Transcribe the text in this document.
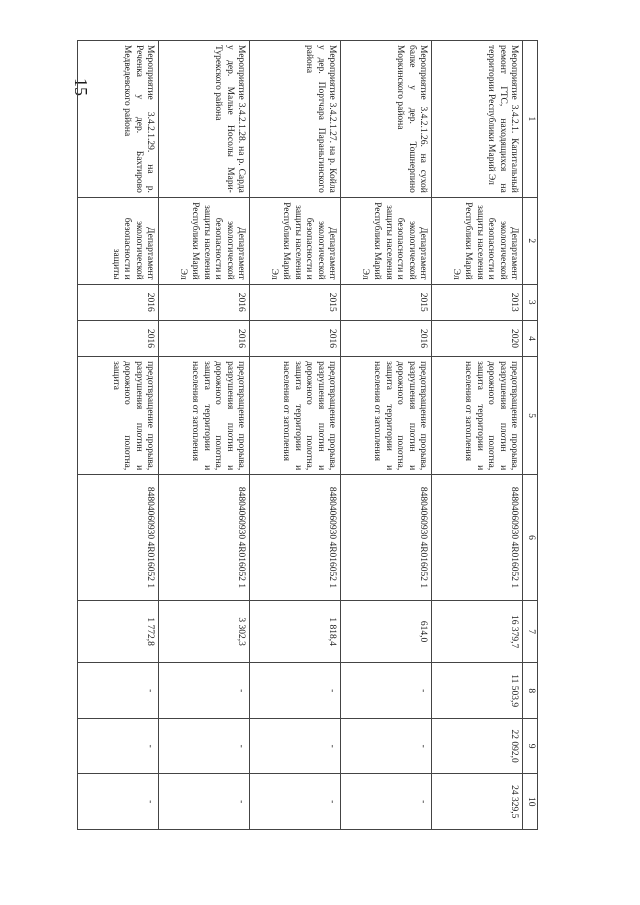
15
1	2	3	4	5	6	7	8	9	10
Мероприятие 3.4.2.1. Капитальный ремонт ГТС, находящихся на территории Республики Марий Эл	Департамент экологической безопасности и защиты населения Республики Марий Эл	2013	2020	предотвращение прорыва, разрушения плотин и дорожного полотна, защита территории и населения от затопления	84804060930 4R016052 1	16 379,7	11 503,9	22 092,0	24 329,5
Мероприятие 3.4.2.1.26. на сухой балке у дер. Тошнерпино Моркинского района	Департамент экологической безопасности и защиты населения Республики Марий Эл	2015	2016	предотвращение прорыва, разрушения плотин и дорожного полотна, защита территории и населения от затопления	84804060930 4R016052 1	614,0	-	-	-
Мероприятие 3.4.2.1.27. на р. Койла у дер. Портчара Параньгинского района	Департамент экологической безопасности и защиты населения Республики Марий Эл	2015	2016	предотвращение прорыва, разрушения плотин и дорожного полотна, защита территории и населения от затопления	84804060930 4R016052 1	1 818,4	-	-	-
Мероприятие 3.4.2.1.28. на р. Сарда у дер. Малые Носолы Мари-Турекского района	Департамент экологической безопасности и защиты населения Республики Марий Эл	2016	2016	предотвращение прорыва, разрушения плотин и дорожного полотна, защита территории и населения от затопления	84804060930 4R016052 1	3 302,3	-	-	-
Мероприятие 3.4.2.1.29. на р. Реченка у дер. Бахтирово Медведевского района	Департамент экологической безопасности и защиты	2016	2016	предотвращение прорыва, разрушения плотин и дорожного полотна, защита	84804060930 4R016052 1	1 772,8	-	-	-
